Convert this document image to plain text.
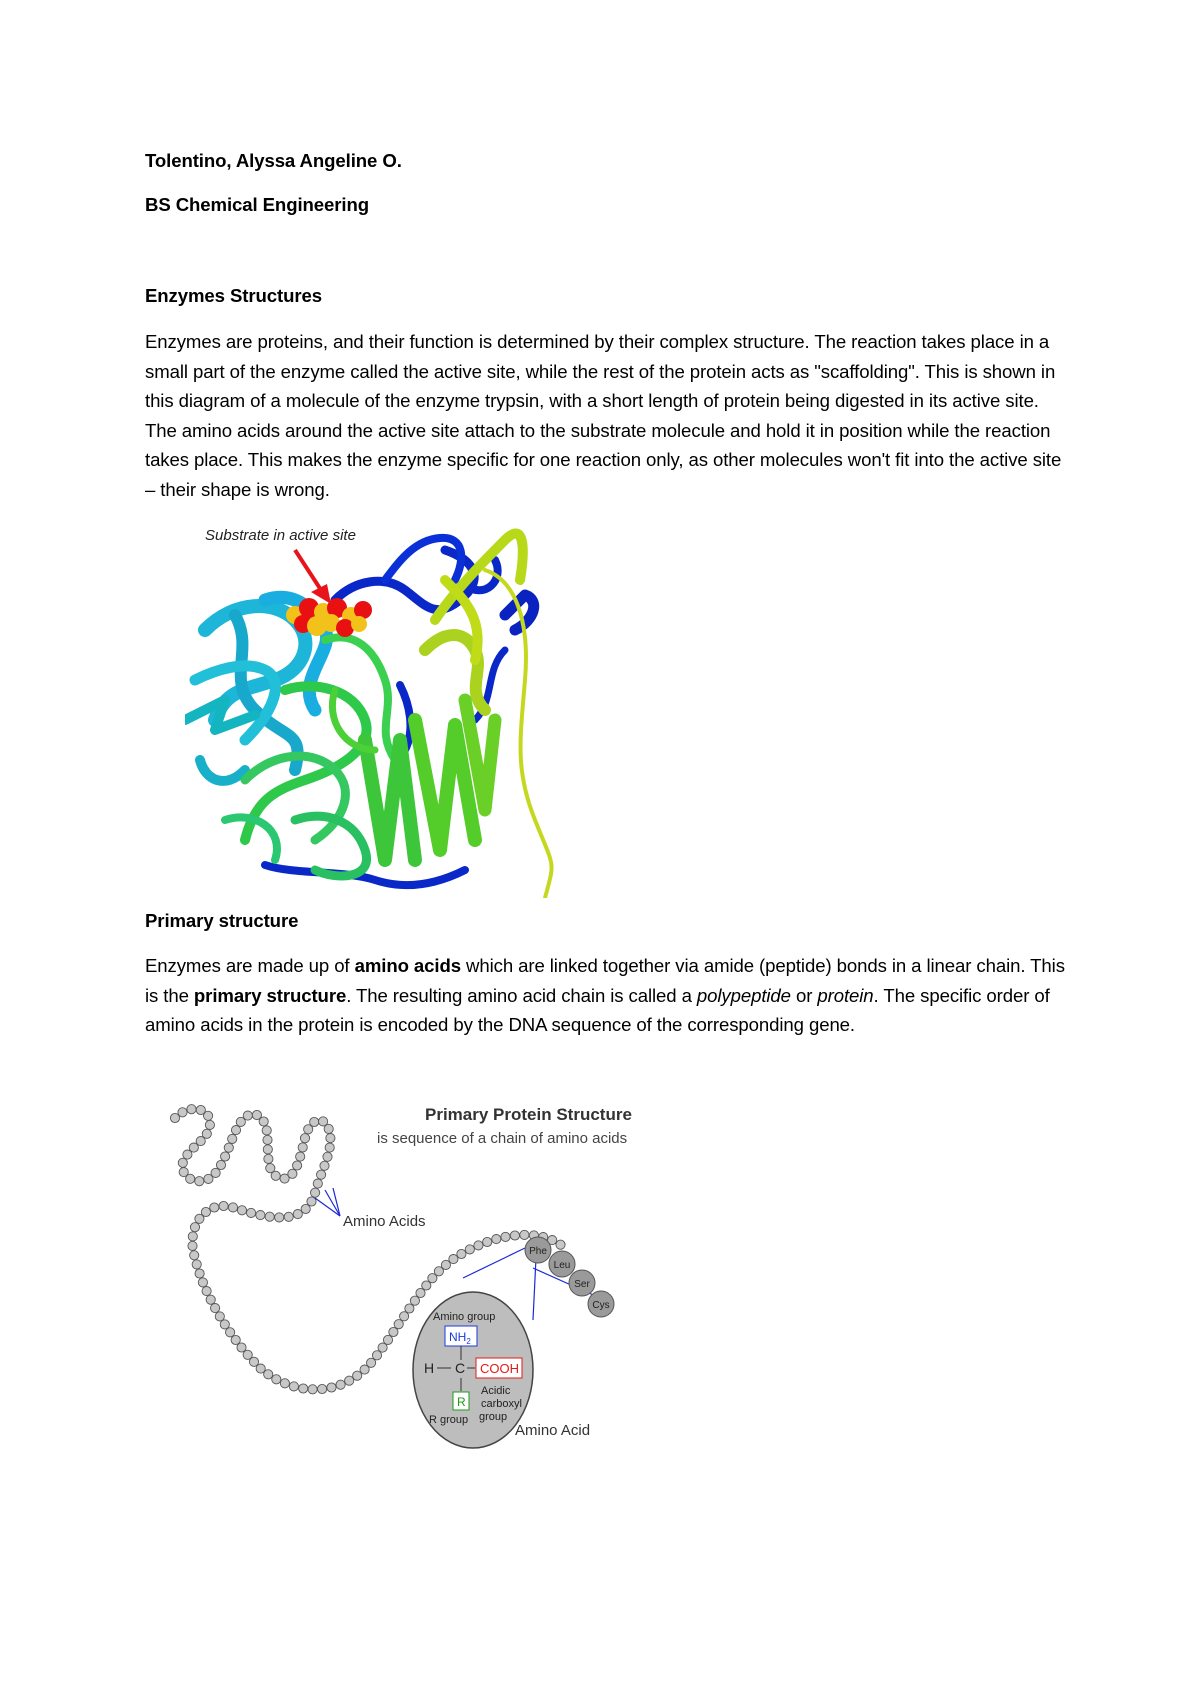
Tolentino, Alyssa Angeline O.
BS Chemical Engineering
Enzymes Structures

Enzymes are proteins, and their function is determined by their complex structure. The reaction takes place in a small part of the enzyme called the active site, while the rest of the protein acts as "scaffolding". This is shown in this diagram of a molecule of the enzyme trypsin, with a short length of protein being digested in its active site. The amino acids around the active site attach to the substrate molecule and hold it in position while the reaction takes place. This makes the enzyme specific for one reaction only, as other molecules won't fit into the active site – their shape is wrong.

Substrate in active site
Primary structure

Enzymes are made up of amino acids which are linked together via amide (peptide) bonds in a linear chain. This is the primary structure. The resulting amino acid chain is called a polypeptide or protein. The specific order of amino acids in the protein is encoded by the DNA sequence of the corresponding gene.

Primary Protein Structure
is sequence of a chain of amino acids
Amino Acids
Phe
Leu
Ser
Cys
Amino group
$NH_2$
H C COOH
R
Acidic
carboxyl
group
R group
Amino Acid
